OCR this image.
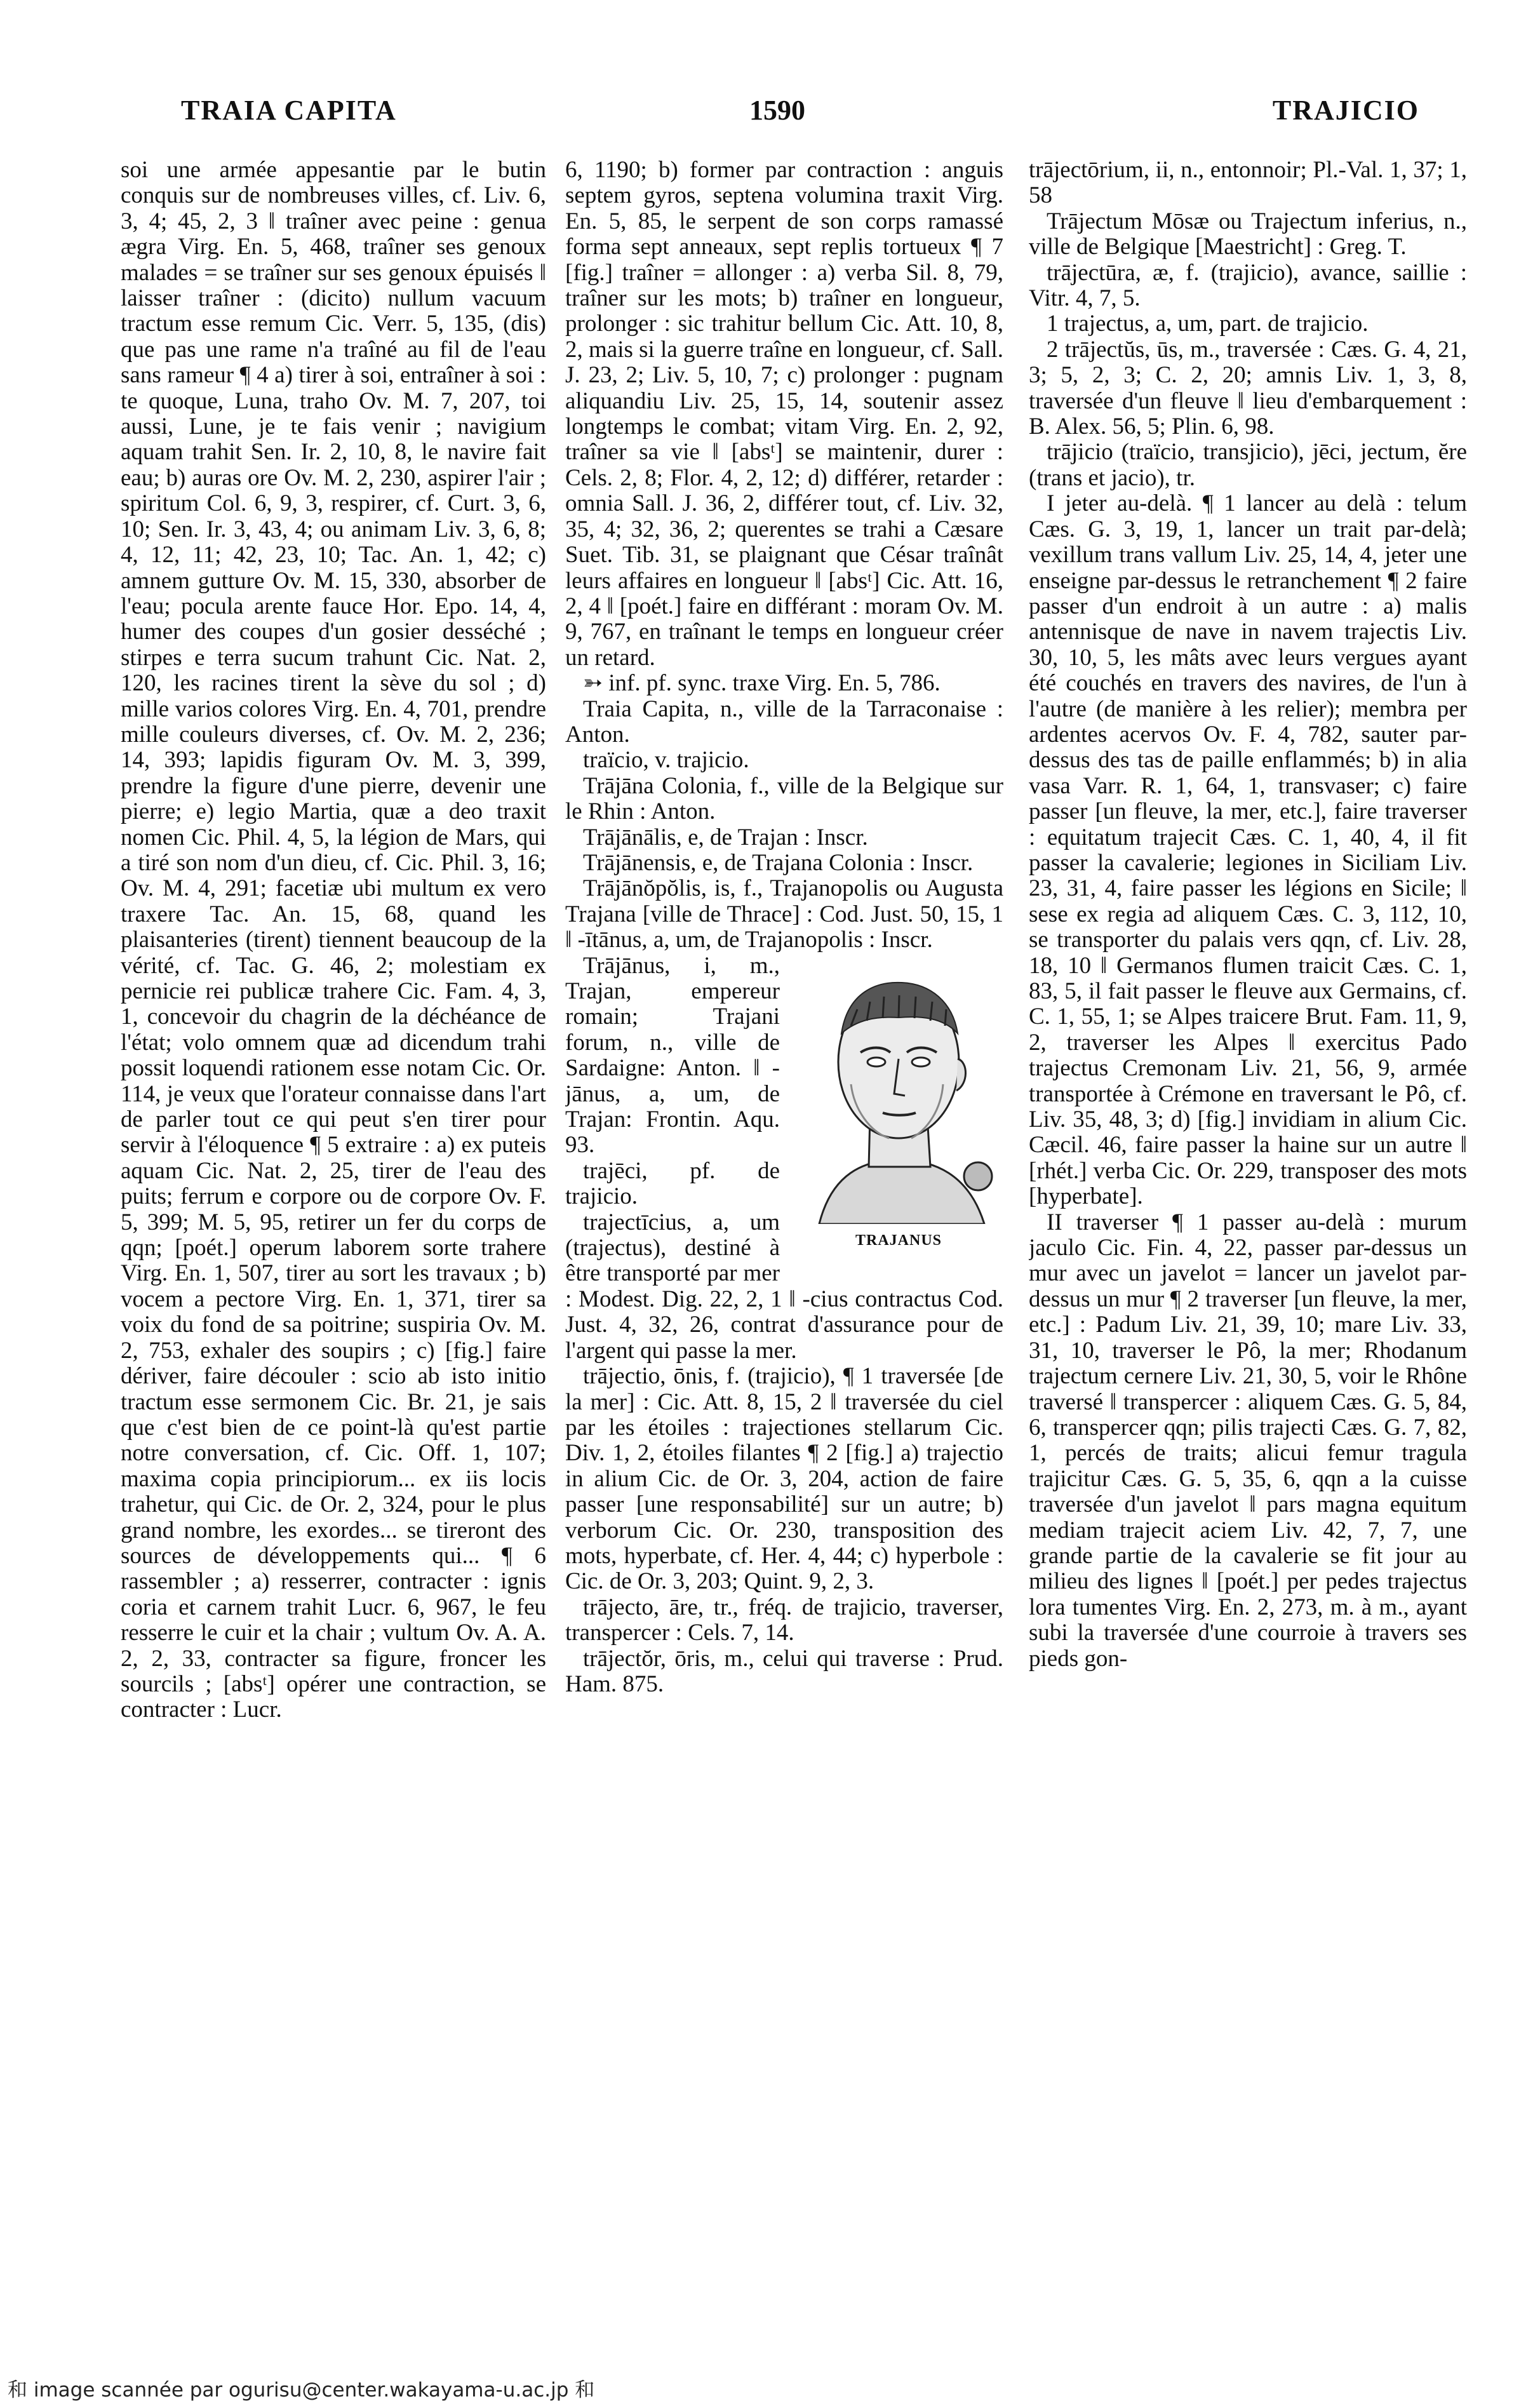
TRAIA CAPITA	1590	TRAJICIO

soi une armée appesantie par le butin conquis sur de nombreuses villes, cf. Liv. 6, 3, 4; 45, 2, 3 ‖ traîner avec peine : genua ægra Virg. En. 5, 468, traîner ses genoux malades = se traîner sur ses genoux épuisés ‖ laisser traîner : (dicito) nullum vacuum tractum esse remum Cic. Verr. 5, 135, (dis) que pas une rame n'a traîné au fil de l'eau sans rameur ¶ 4 a) tirer à soi, entraîner à soi : te quoque, Luna, traho Ov. M. 7, 207, toi aussi, Lune, je te fais venir ; navigium aquam trahit Sen. Ir. 2, 10, 8, le navire fait eau; b) auras ore Ov. M. 2, 230, aspirer l'air ; spiritum Col. 6, 9, 3, respirer, cf. Curt. 3, 6, 10; Sen. Ir. 3, 43, 4; ou animam Liv. 3, 6, 8; 4, 12, 11; 42, 23, 10; Tac. An. 1, 42; c) amnem gutture Ov. M. 15, 330, absorber de l'eau; pocula arente fauce Hor. Epo. 14, 4, humer des coupes d'un gosier desséché ; stirpes e terra sucum trahunt Cic. Nat. 2, 120, les racines tirent la sève du sol ; d) mille varios colores Virg. En. 4, 701, prendre mille couleurs diverses, cf. Ov. M. 2, 236; 14, 393; lapidis figuram Ov. M. 3, 399, prendre la figure d'une pierre, devenir une pierre; e) legio Martia, quæ a deo traxit nomen Cic. Phil. 4, 5, la légion de Mars, qui a tiré son nom d'un dieu, cf. Cic. Phil. 3, 16; Ov. M. 4, 291; facetiæ ubi multum ex vero traxere Tac. An. 15, 68, quand les plaisanteries (tirent) tiennent beaucoup de la vérité, cf. Tac. G. 46, 2; molestiam ex pernicie rei publicæ trahere Cic. Fam. 4, 3, 1, concevoir du chagrin de la déchéance de l'état; volo omnem quæ ad dicendum trahi possit loquendi rationem esse notam Cic. Or. 114, je veux que l'orateur connaisse dans l'art de parler tout ce qui peut s'en tirer pour servir à l'éloquence ¶ 5 extraire : a) ex puteis aquam Cic. Nat. 2, 25, tirer de l'eau des puits; ferrum e corpore ou de corpore Ov. F. 5, 399; M. 5, 95, retirer un fer du corps de qqn; [poét.] operum laborem sorte trahere Virg. En. 1, 507, tirer au sort les travaux ; b) vocem a pectore Virg. En. 1, 371, tirer sa voix du fond de sa poitrine; suspiria Ov. M. 2, 753, exhaler des soupirs ; c) [fig.] faire dériver, faire découler : scio ab isto initio tractum esse sermonem Cic. Br. 21, je sais que c'est bien de ce point-là qu'est partie notre conversation, cf. Cic. Off. 1, 107; maxima copia principiorum... ex iis locis trahetur, qui Cic. de Or. 2, 324, pour le plus grand nombre, les exordes... se tireront des sources de développements qui... ¶ 6 rassembler ; a) resserrer, contracter : ignis coria et carnem trahit Lucr. 6, 967, le feu resserre le cuir et la chair ; vultum Ov. A. A. 2, 2, 33, contracter sa figure, froncer les sourcils ; [absᵗ] opérer une contraction, se contracter : Lucr.

6, 1190; b) former par contraction : anguis septem gyros, septena volumina traxit Virg. En. 5, 85, le serpent de son corps ramassé forma sept anneaux, sept replis tortueux ¶ 7 [fig.] traîner = allonger : a) verba Sil. 8, 79, traîner sur les mots; b) traîner en longueur, prolonger : sic trahitur bellum Cic. Att. 10, 8, 2, mais si la guerre traîne en longueur, cf. Sall. J. 23, 2; Liv. 5, 10, 7; c) prolonger : pugnam aliquandiu Liv. 25, 15, 14, soutenir assez longtemps le combat; vitam Virg. En. 2, 92, traîner sa vie ‖ [absᵗ] se maintenir, durer : Cels. 2, 8; Flor. 4, 2, 12; d) différer, retarder : omnia Sall. J. 36, 2, différer tout, cf. Liv. 32, 35, 4; 32, 36, 2; querentes se trahi a Cæsare Suet. Tib. 31, se plaignant que César traînât leurs affaires en longueur ‖ [absᵗ] Cic. Att. 16, 2, 4 ‖ [poét.] faire en différant : moram Ov. M. 9, 767, en traînant le temps en longueur créer un retard.

➳ inf. pf. sync. traxe Virg. En. 5, 786.

Traia Capita, n., ville de la Tarraconaise : Anton.

traïcio, v. trajicio.

Trājāna Colonia, f., ville de la Belgique sur le Rhin : Anton.

Trājānālis, e, de Trajan : Inscr.

Trājānensis, e, de Trajana Colonia : Inscr.

Trājānŏpŏlis, is, f., Trajanopolis ou Augusta Trajana [ville de Thrace] : Cod. Just. 50, 15, 1 ‖ -ītānus, a, um, de Trajanopolis : Inscr.

TRAJANUS

Trājānus, i, m., Trajan, empereur romain; Trajani forum, n., ville de Sardaigne: Anton. ‖ -jānus, a, um, de Trajan: Frontin. Aqu. 93.

trajēci, pf. de trajicio.

trajectīcius, a, um (trajectus), destiné à être transporté par mer : Modest. Dig. 22, 2, 1 ‖ -cius contractus Cod. Just. 4, 32, 26, contrat d'assurance pour de l'argent qui passe la mer.

trājectio, ōnis, f. (trajicio), ¶ 1 traversée [de la mer] : Cic. Att. 8, 15, 2 ‖ traversée du ciel par les étoiles : trajectiones stellarum Cic. Div. 1, 2, étoiles filantes ¶ 2 [fig.] a) trajectio in alium Cic. de Or. 3, 204, action de faire passer [une responsabilité] sur un autre; b) verborum Cic. Or. 230, transposition des mots, hyperbate, cf. Her. 4, 44; c) hyperbole : Cic. de Or. 3, 203; Quint. 9, 2, 3.

trājecto, āre, tr., fréq. de trajicio, traverser, transpercer : Cels. 7, 14.

trājectŏr, ōris, m., celui qui traverse : Prud. Ham. 875.

trājectōrium, ii, n., entonnoir; Pl.-Val. 1, 37; 1, 58

Trājectum Mōsæ ou Trajectum inferius, n., ville de Belgique [Maestricht] : Greg. T.

trājectūra, æ, f. (trajicio), avance, saillie : Vitr. 4, 7, 5.

1 trajectus, a, um, part. de trajicio.

2 trājectŭs, ūs, m., traversée : Cæs. G. 4, 21, 3; 5, 2, 3; C. 2, 20; amnis Liv. 1, 3, 8, traversée d'un fleuve ‖ lieu d'embarquement : B. Alex. 56, 5; Plin. 6, 98.

trājicio (traïcio, transjicio), jēci, jectum, ĕre (trans et jacio), tr.

I jeter au-delà. ¶ 1 lancer au delà : telum Cæs. G. 3, 19, 1, lancer un trait par-delà; vexillum trans vallum Liv. 25, 14, 4, jeter une enseigne par-dessus le retranchement ¶ 2 faire passer d'un endroit à un autre : a) malis antennisque de nave in navem trajectis Liv. 30, 10, 5, les mâts avec leurs vergues ayant été couchés en travers des navires, de l'un à l'autre (de manière à les relier); membra per ardentes acervos Ov. F. 4, 782, sauter par-dessus des tas de paille enflammés; b) in alia vasa Varr. R. 1, 64, 1, transvaser; c) faire passer [un fleuve, la mer, etc.], faire traverser : equitatum trajecit Cæs. C. 1, 40, 4, il fit passer la cavalerie; legiones in Siciliam Liv. 23, 31, 4, faire passer les légions en Sicile; ‖ sese ex regia ad aliquem Cæs. C. 3, 112, 10, se transporter du palais vers qqn, cf. Liv. 28, 18, 10 ‖ Germanos flumen traicit Cæs. C. 1, 83, 5, il fait passer le fleuve aux Germains, cf. C. 1, 55, 1; se Alpes traicere Brut. Fam. 11, 9, 2, traverser les Alpes ‖ exercitus Pado trajectus Cremonam Liv. 21, 56, 9, armée transportée à Crémone en traversant le Pô, cf. Liv. 35, 48, 3; d) [fig.] invidiam in alium Cic. Cæcil. 46, faire passer la haine sur un autre ‖ [rhét.] verba Cic. Or. 229, transposer des mots [hyperbate].

II traverser ¶ 1 passer au-delà : murum jaculo Cic. Fin. 4, 22, passer par-dessus un mur avec un javelot = lancer un javelot par-dessus un mur ¶ 2 traverser [un fleuve, la mer, etc.] : Padum Liv. 21, 39, 10; mare Liv. 33, 31, 10, traverser le Pô, la mer; Rhodanum trajectum cernere Liv. 21, 30, 5, voir le Rhône traversé ‖ transpercer : aliquem Cæs. G. 5, 84, 6, transpercer qqn; pilis trajecti Cæs. G. 7, 82, 1, percés de traits; alicui femur tragula trajicitur Cæs. G. 5, 35, 6, qqn a la cuisse traversée d'un javelot ‖ pars magna equitum mediam trajecit aciem Liv. 42, 7, 7, une grande partie de la cavalerie se fit jour au milieu des lignes ‖ [poét.] per pedes trajectus lora tumentes Virg. En. 2, 273, m. à m., ayant subi la traversée d'une courroie à travers ses pieds gon-

和 image scannée par ogurisu@center.wakayama-u.ac.jp 和
